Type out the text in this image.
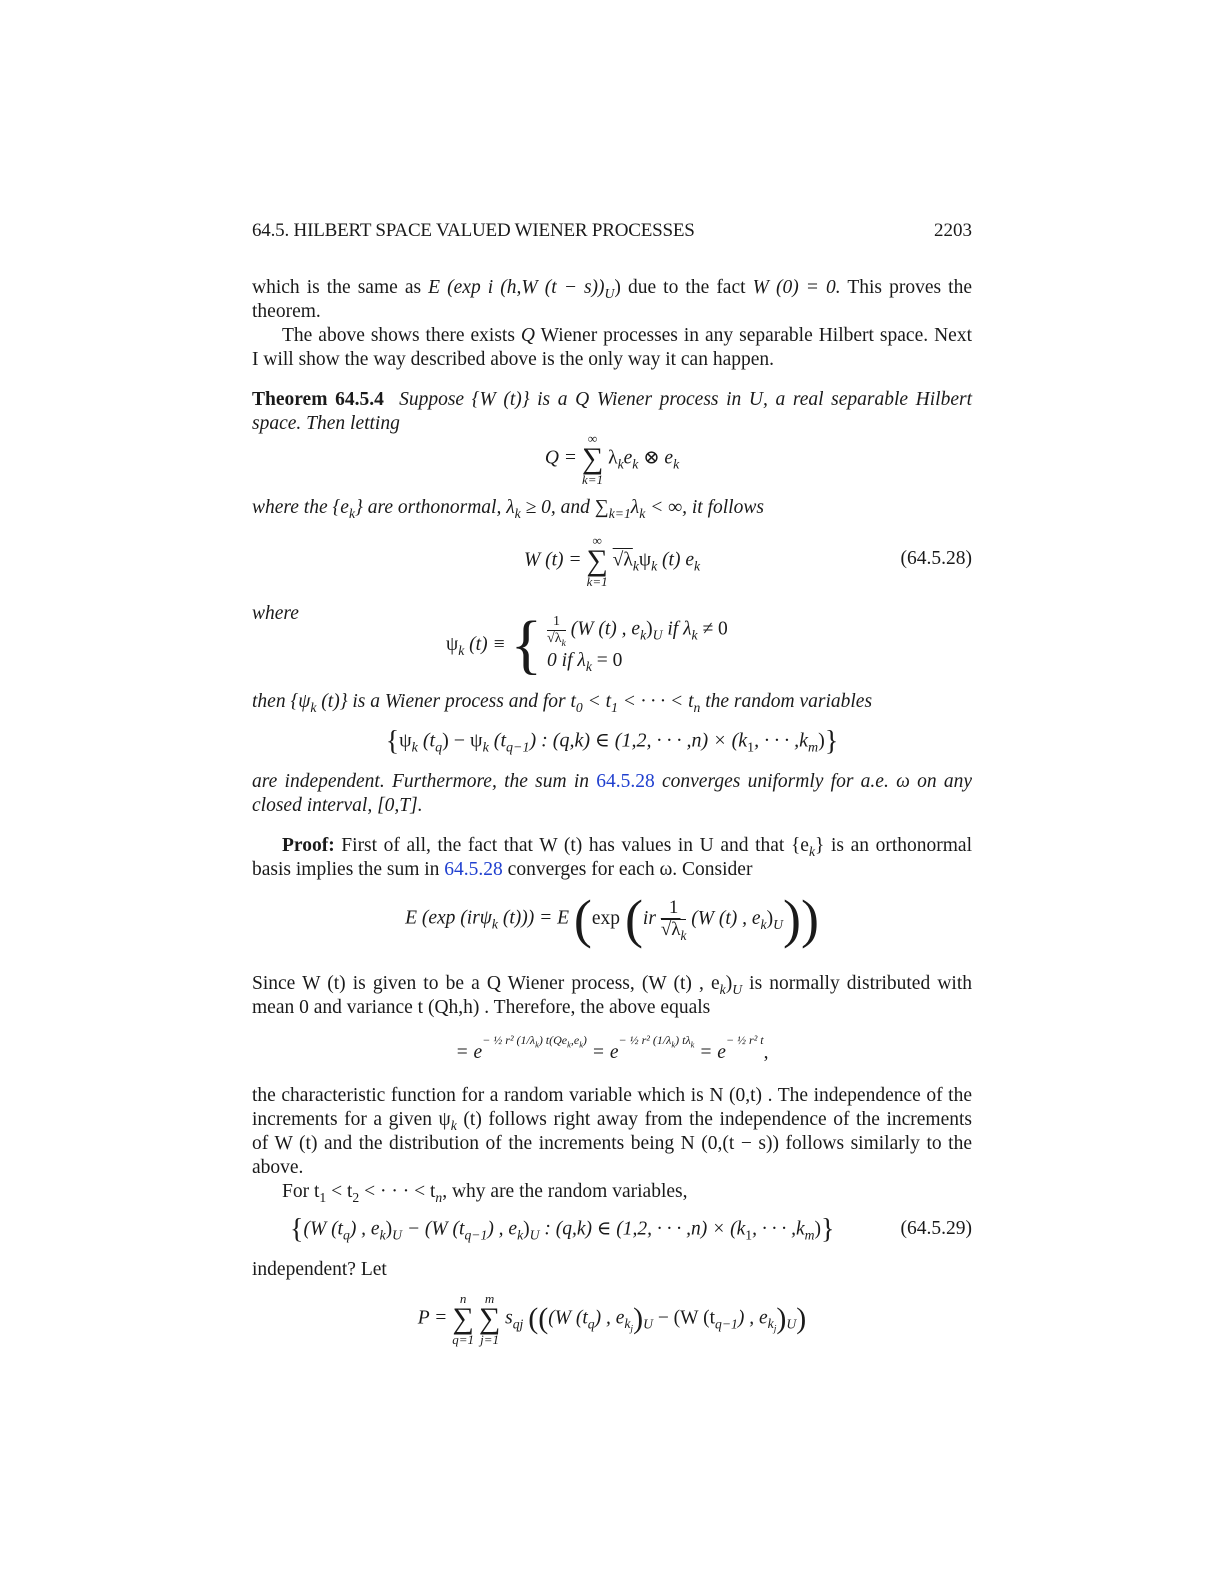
64.5. HILBERT SPACE VALUED WIENER PROCESSES	2203
which is the same as E (exp i (h,W $(t - s))_U$) due to the fact W (0) = 0. This proves the
theorem.
The above shows there exists Q Wiener processes in any separable Hilbert space. Next
I will show the way described above is the only way it can happen.
Theorem 64.5.4 Suppose {W (t)} is a Q Wiener process in U, a real separable Hilbert
space. Then letting
Q =
∞
∑
k=1
$\lambda_ke_k$ ⊗ $e_k$
where the $\{e_k\}$ are orthonormal, $\lambda_k \ge 0$, and $\sum_{k=1}\lambda_k$ < ∞, it follows
W (t) =
∞
∑
k=1
$√\lambda_k\psi_k$ (t) $e_k$	(64.5.28)
where
$\psi_k$ (t) ≡ { $\frac{1}{√\lambda_k} (W$ (t) , $e_k)_U$ if $\lambda_k \ne 0$
0 if $\lambda_k = 0$
then {$\psi_k$ (t)} is a Wiener process and for $t_0 < t_1$ < · · · < $t_n$ the random variables
{$\psi_k$ $(t_q) - \psi_k$ $(t_{q-1})$ : (q,k) ∈ (1,2, · · · $,n) \times (k_1$, · · · $,k_m$)}
are independent. Furthermore, the sum in 64.5.28 converges uniformly for a.e. ω on any
closed interval, [0,T].
Proof: First of all, the fact that W (t) has values in U and that $\{e_k\}$ is an orthonormal
basis implies the sum in 64.5.28 converges for each ω. Consider
E (exp (irψ$_k$ (t))) = E (exp ($ir \frac{1}{√\lambda_k} (W$ (t) , $e_k)_U$))
Since W (t) is given to be a Q Wiener process, (W (t) , $e_k)_U$ is normally distributed with
mean 0 and variance t (Qh,h) . Therefore, the above equals
= $e^{- \frac{1}{2} r^2 (1/\lambda_k) t(Qe_k,e_k)} = e^{- \frac{1}{2} r^2 (1/\lambda_k) t\lambda_k} = e^{- \frac{1}{2} r^2 t}$,
the characteristic function for a random variable which is N (0,t) . The independence of the
increments for a given $\psi_k$ (t) follows right away from the independence of the increments
of W (t) and the distribution of the increments being N (0,(t − s)) follows similarly to the
above.
For $t_1 < t_2$ < · · · < $t_n$, why are the random variables,
{(W $(t_q)$ , $e_k)_U - (W$ $(t_{q-1})$ , $e_k)_U$ : (q,k) ∈ (1,2, · · · $,n) \times (k_1$, · · · $,k_m$)}	(64.5.29)
independent? Let
P =
n
∑
q=1

m
∑
j=1
$s_{qj}$ (((W $(t_q)$ , $e_{k_j})_U - (W$ $(t_{q-1})$ , $e_{k_j})_U$)
